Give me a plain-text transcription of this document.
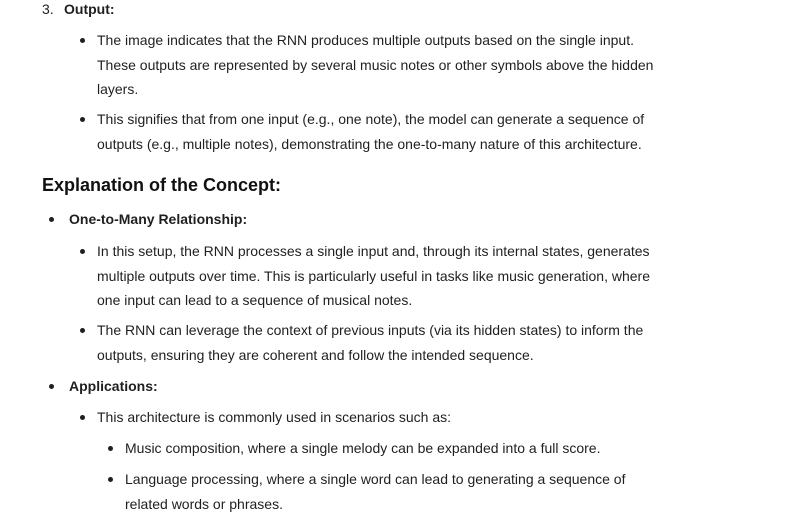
3. Output:
The image indicates that the RNN produces multiple outputs based on the single input.
These outputs are represented by several music notes or other symbols above the hidden
layers.
This signifies that from one input (e.g., one note), the model can generate a sequence of
outputs (e.g., multiple notes), demonstrating the one-to-many nature of this architecture.
Explanation of the Concept:
One-to-Many Relationship:
In this setup, the RNN processes a single input and, through its internal states, generates
multiple outputs over time. This is particularly useful in tasks like music generation, where
one input can lead to a sequence of musical notes.
The RNN can leverage the context of previous inputs (via its hidden states) to inform the
outputs, ensuring they are coherent and follow the intended sequence.
Applications:
This architecture is commonly used in scenarios such as:
Music composition, where a single melody can be expanded into a full score.
Language processing, where a single word can lead to generating a sequence of
related words or phrases.
